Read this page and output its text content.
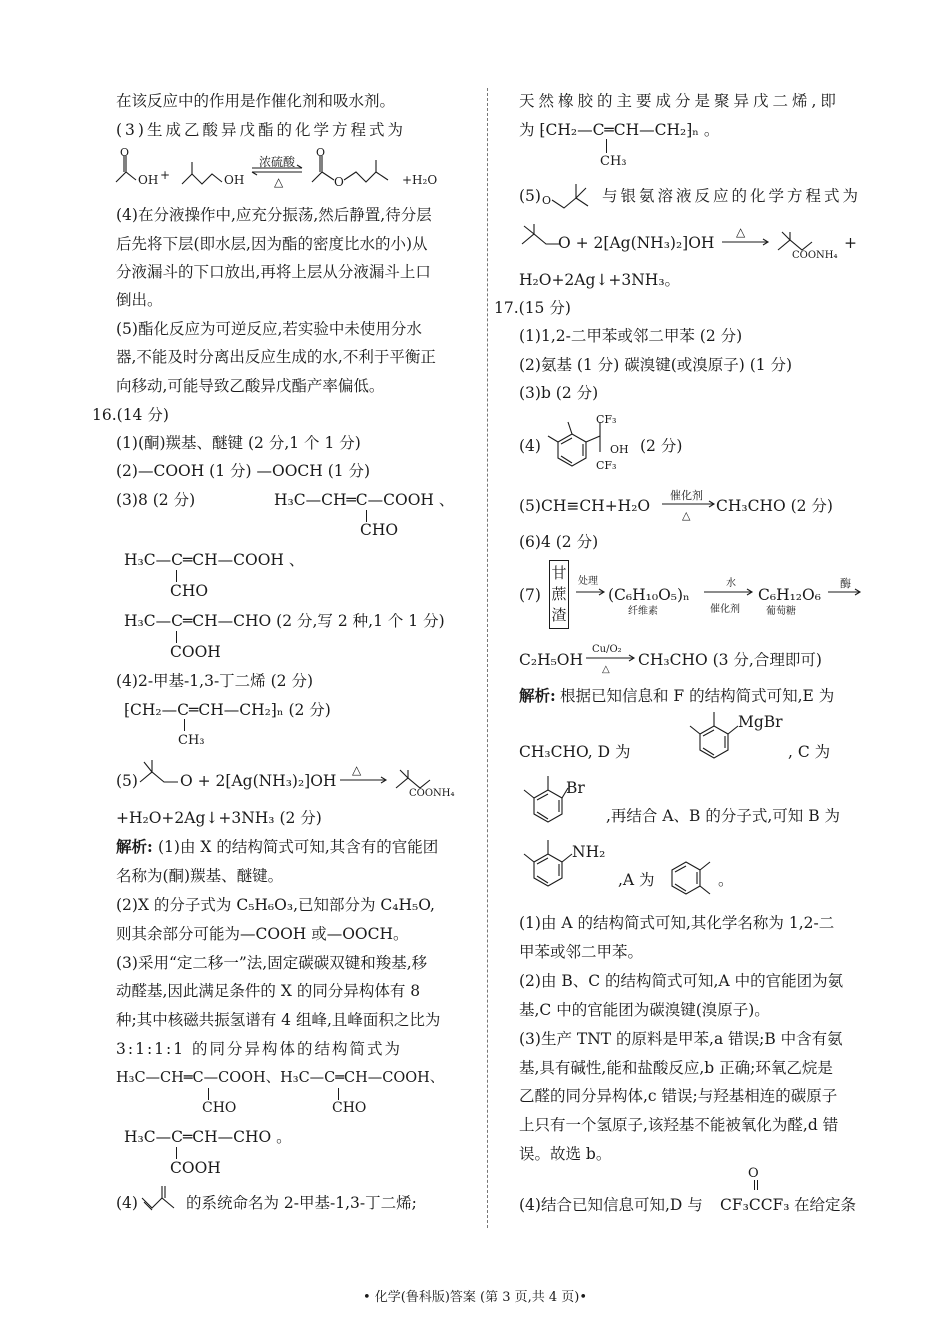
在该反应中的作用是作催化剂和吸水剂。
(3)生成乙酸异戊酯的化学方程式为
O	O
OH +	OH
浓硫酸
△	O	+H₂O
(4)在分液操作中,应充分振荡,然后静置,待分层
后先将下层(即水层,因为酯的密度比水的小)从
分液漏斗的下口放出,再将上层从分液漏斗上口
倒出。
(5)酯化反应为可逆反应,若实验中未使用分水
器,不能及时分离出反应生成的水,不利于平衡正
向移动,可能导致乙酸异戊酯产率偏低。
16.(14 分)
(1)(酮)羰基、醚键 (2 分,1 个 1 分)
(2)—COOH (1 分) —OOCH (1 分)
(3)8 (2 分)	H₃C—CH═C—COOH 、
CHO
H₃C—C═CH—COOH 、
CHO
H₃C—C═CH—CHO (2 分,写 2 种,1 个 1 分)
COOH
(4)2-甲基-1,3-丁二烯 (2 分)
⁅CH₂—C═CH—CH₂⁆ₙ (2 分)
CH₃
(5)	O + 2[Ag(NH₃)₂]OH
△
COONH₄
+H₂O+2Ag↓+3NH₃ (2 分)
解析: (1)由 X 的结构简式可知,其含有的官能团
名称为(酮)羰基、醚键。
(2)X 的分子式为 C₅H₆O₃,已知部分为 C₄H₅O,
则其余部分可能为—COOH 或—OOCH。
(3)采用“定二移一”法,固定碳碳双键和羧基,移
动醛基,因此满足条件的 X 的同分异构体有 8
种;其中核磁共振氢谱有 4 组峰,且峰面积之比为
3:1:1:1 的同分异构体的结构简式为
H₃C—CH═C—COOH、H₃C—C═CH—COOH、
CHO	CHO
H₃C—C═CH—CHO 。
COOH
(4)	的系统命名为 2-甲基-1,3-丁二烯;
天然橡胶的主要成分是聚异戊二烯,即
为 ⁅CH₂—C═CH—CH₂⁆ₙ 。
CH₃
(5) O	与银氨溶液反应的化学方程式为
O + 2[Ag(NH₃)₂]OH
△
COONH₄
+
H₂O+2Ag↓+3NH₃。
17.(15 分)
(1)1,2-二甲苯或邻二甲苯 (2 分)
(2)氨基 (1 分) 碳溴键(或溴原子) (1 分)
(3)b (2 分)
(4)
CF₃
OH
CF₃
(2 分)
(5)CH≡CH+H₂O
催化剂
△
CH₃CHO (2 分)
(6)4 (2 分)
(7)
甘蔗渣
处理
→ (C₆H₁₀O₅)ₙ
纤维素
水
催化剂
C₆H₁₂O₆
葡萄糖
酶
C₂H₅OH
Cu/O₂
△
CH₃CHO (3 分,合理即可)
解析: 根据已知信息和 F 的结构简式可知,E 为
CH₃CHO, D 为
MgBr
, C 为
Br
,再结合 A、B 的分子式,可知 B 为
NH₂
,A 为	。
(1)由 A 的结构简式可知,其化学名称为 1,2-二
甲苯或邻二甲苯。
(2)由 B、C 的结构简式可知,A 中的官能团为氨
基,C 中的官能团为碳溴键(溴原子)。
(3)生产 TNT 的原料是甲苯,a 错误;B 中含有氨
基,具有碱性,能和盐酸反应,b 正确;环氧乙烷是
乙醛的同分异构体,c 错误;与羟基相连的碳原子
上只有一个氢原子,该羟基不能被氧化为醛,d 错
误。故选 b。
O
(4)结合已知信息可知,D 与 CF₃CCF₃ 在给定条
• 化学(鲁科版)答案 (第 3 页,共 4 页)•
